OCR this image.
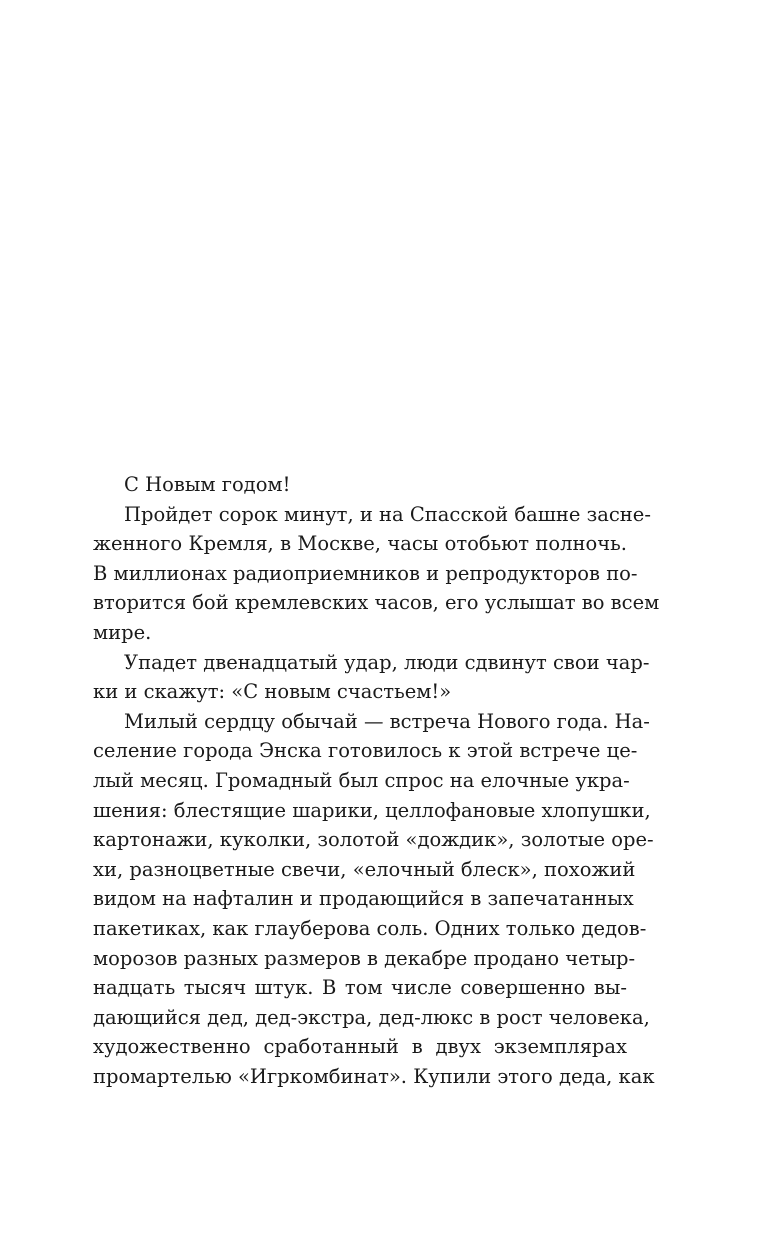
С Новым годом!
Пройдет сорок минут, и на Спасской башне засне-
женного Кремля, в Москве, часы отобьют полночь.
В миллионах радиоприемников и репродукторов по-
вторится бой кремлевских часов, его услышат во всем
мире.
Упадет двенадцатый удар, люди сдвинут свои чар-
ки и скажут: «С новым счастьем!»
Милый сердцу обычай — встреча Нового года. На-
селение города Энска готовилось к этой встрече це-
лый месяц. Громадный был спрос на елочные укра-
шения: блестящие шарики, целлофановые хлопушки,
картонажи, куколки, золотой «дождик», золотые оре-
хи, разноцветные свечи, «елочный блеск», похожий
видом на нафталин и продающийся в запечатанных
пакетиках, как глауберова соль. Одних только дедов-
морозов разных размеров в декабре продано четыр-
надцать тысяч штук. В том числе совершенно вы-
дающийся дед, дед-экстра, дед-люкс в рост человека,
художественно сработанный в двух экземплярах
промартелью «Игркомбинат». Купили этого деда, как
